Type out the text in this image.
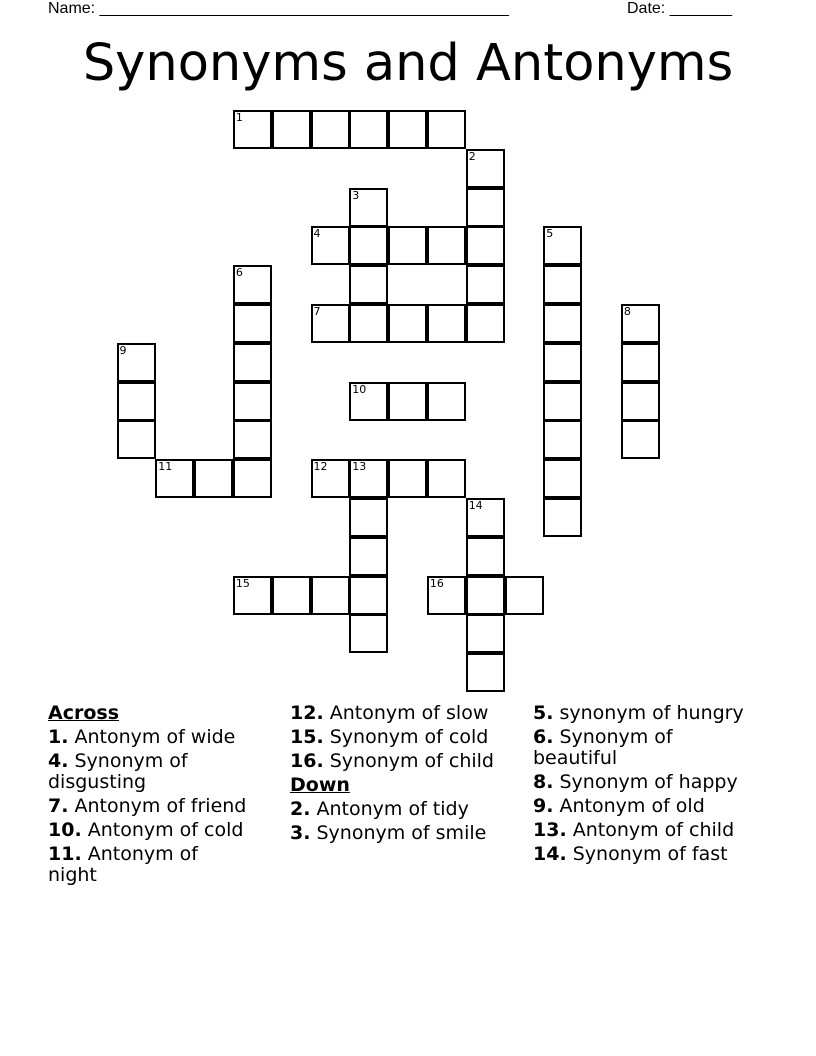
Name: ______________________________________________	Date: _______
Synonyms and Antonyms
1
4
7
10
11	12 13
15	16
2
3
5
6
8
9
14
Across
1. Antonym of wide
4. Synonym of disgusting
7. Antonym of friend
10. Antonym of cold
11. Antonym of night
12. Antonym of slow
15. Synonym of cold
16. Synonym of child
Down
2. Antonym of tidy
3. Synonym of smile
5. synonym of hungry
6. Synonym of beautiful
8. Synonym of happy
9. Antonym of old
13. Antonym of child
14. Synonym of fast
